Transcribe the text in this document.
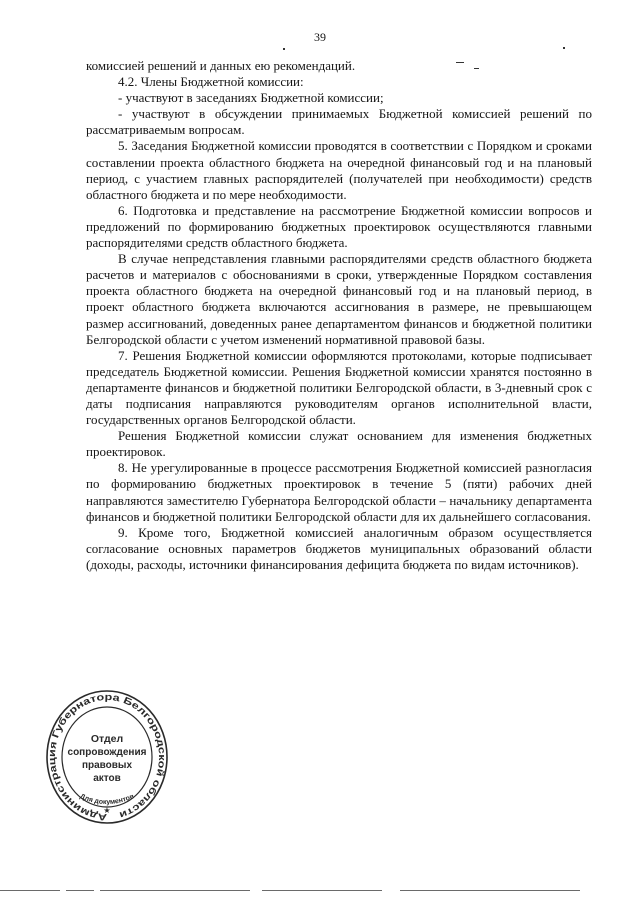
39

комиссией решений и данных ею рекомендаций.

4.2. Члены Бюджетной комиссии:

- участвуют в заседаниях Бюджетной комиссии;

- участвуют в обсуждении принимаемых Бюджетной комиссией решений по рассматриваемым вопросам.

5. Заседания Бюджетной комиссии проводятся в соответствии с Порядком и сроками составлении проекта областного бюджета на очередной финансовый год и на плановый период, с участием главных распорядителей (получателей при необходимости) средств областного бюджета и по мере необходимости.

6. Подготовка и представление на рассмотрение Бюджетной комиссии вопросов и предложений по формированию бюджетных проектировок осуществляются главными распорядителями средств областного бюджета.

В случае непредставления главными распорядителями средств областного бюджета расчетов и материалов с обоснованиями в сроки, утвержденные Порядком составления проекта областного бюджета на очередной финансовый год и на плановый период, в проект областного бюджета включаются ассигнования в размере, не превышающем размер ассигнований, доведенных ранее департаментом финансов и бюджетной политики Белгородской области с учетом изменений нормативной правовой базы.

7. Решения Бюджетной комиссии оформляются протоколами, которые подписывает председатель Бюджетной комиссии. Решения Бюджетной комиссии хранятся постоянно в департаменте финансов и бюджетной политики Белгородской области, в 3-дневный срок с даты подписания направляются руководителям органов исполнительной власти, государственных органов Белгородской области.

Решения Бюджетной комиссии служат основанием для изменения бюджетных проектировок.

8. Не урегулированные в процессе рассмотрения Бюджетной комиссией разногласия по формированию бюджетных проектировок в течение 5 (пяти) рабочих дней направляются заместителю Губернатора Белгородской области – начальнику департамента финансов и бюджетной политики Белгородской области для их дальнейшего согласования.

9. Кроме того, Бюджетной комиссией аналогичным образом осуществляется согласование основных параметров бюджетов муниципальных образований области (доходы, расходы, источники финансирования дефицита бюджета по видам источников).

Администрация Губернатора Белгородской области
Отдел
сопровождения
правовых
актов
Для документов
★
